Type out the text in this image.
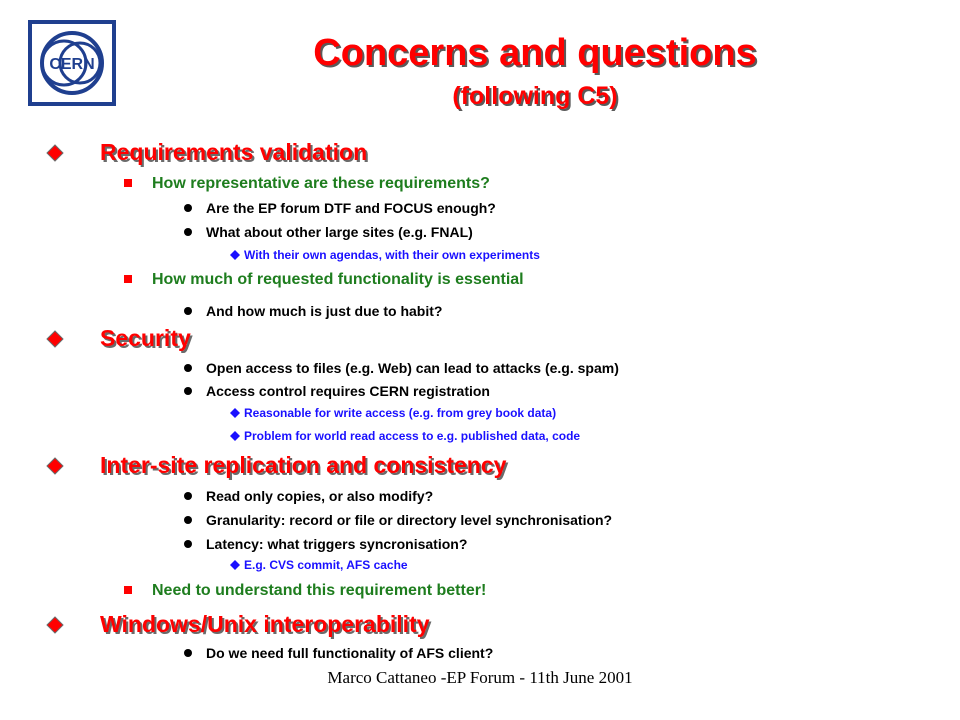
CERN	Concerns and questions
(following C5)
Requirements validation
How representative are these requirements?
Are the EP forum DTF and FOCUS enough?
What about other large sites (e.g. FNAL)
With their own agendas, with their own experiments
How much of requested functionality is essential
And how much is just due to habit?
Security
Open access to files (e.g. Web) can lead to attacks (e.g. spam)
Access control requires CERN registration
Reasonable for write access (e.g. from grey book data)
Problem for world read access to e.g. published data, code
Inter-site replication and consistency
Read only copies, or also modify?
Granularity: record or file or directory level synchronisation?
Latency: what triggers syncronisation?
E.g. CVS commit, AFS cache
Need to understand this requirement better!
Windows/Unix interoperability
Do we need full functionality of AFS client?
Marco Cattaneo -EP Forum - 11th June 2001
